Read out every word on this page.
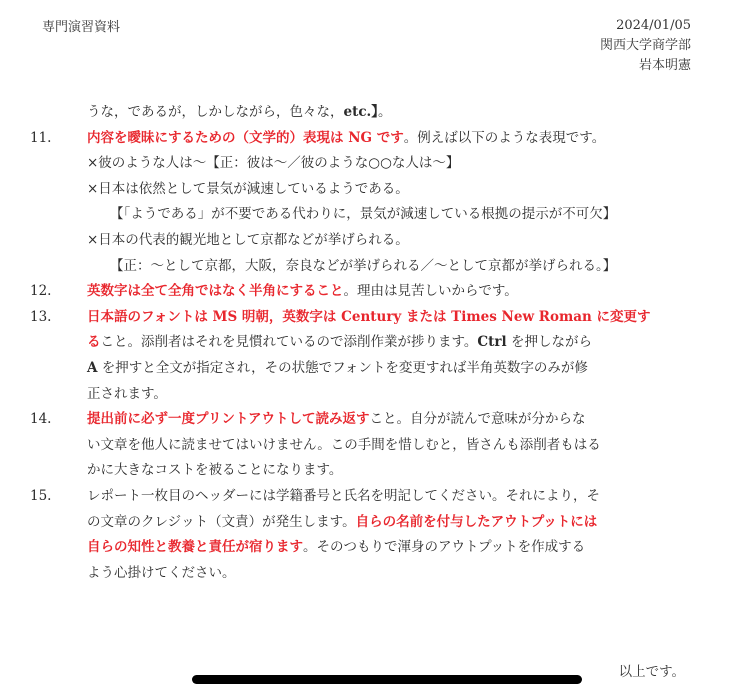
専門演習資料	2024/01/05
関西大学商学部
岩本明憲
うな，であるが，しかしながら，色々な，etc.】。
11.	内容を曖昧にするための（文学的）表現は NG です。例えば以下のような表現です。
×彼のような人は〜【正：彼は〜／彼のような○○な人は〜】
×日本は依然として景気が減速しているようである。
【「ようである」が不要である代わりに，景気が減速している根拠の提示が不可欠】
×日本の代表的観光地として京都などが挙げられる。
【正：〜として京都，大阪，奈良などが挙げられる／〜として京都が挙げられる。】
12.	英数字は全て全角ではなく半角にすること。理由は見苦しいからです。
13.	日本語のフォントは MS 明朝，英数字は Century または Times New Roman に変更す
ること。添削者はそれを見慣れているので添削作業が捗ります。Ctrl を押しながら
A を押すと全文が指定され，その状態でフォントを変更すれば半角英数字のみが修
正されます。
14.	提出前に必ず一度プリントアウトして読み返すこと。自分が読んで意味が分からな
い文章を他人に読ませてはいけません。この手間を惜しむと，皆さんも添削者もはる
かに大きなコストを被ることになります。
15.	レポート一枚目のヘッダーには学籍番号と氏名を明記してください。それにより，そ
の文章のクレジット（文責）が発生します。自らの名前を付与したアウトプットには
自らの知性と教養と責任が宿ります。そのつもりで渾身のアウトプットを作成する
よう心掛けてください。
以上です。
